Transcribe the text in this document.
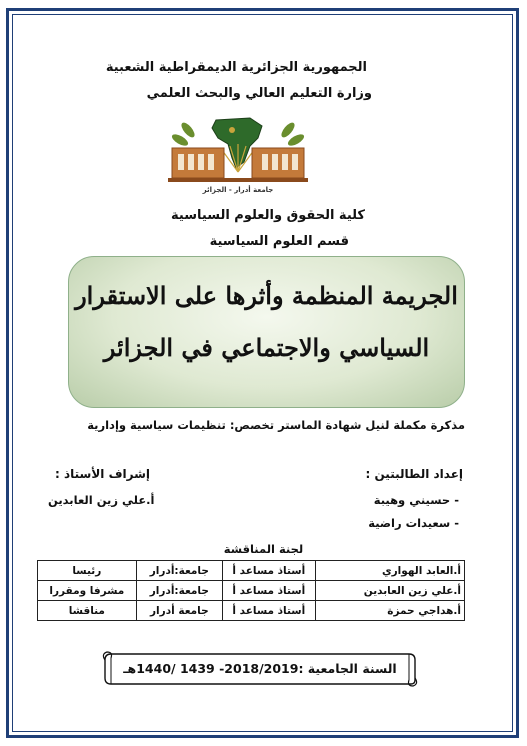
الجمهورية الجزائرية الديمقراطية الشعبية
وزارة التعليم العالي والبحث العلمي
جامعة أدرار - الجزائر
كلية الحقوق والعلوم السياسية
قسم العلوم السياسية
الجريمة المنظمة وأثرها على الاستقرار
السياسي والاجتماعي في الجزائر
مذكرة مكملة لنيل شهادة الماستر تخصص: تنظيمات سياسية وإدارية
إعداد الطالبتين :
إشراف الأستاذ :
- حسيني وهيبة
- سعيدات راضية
أ.علي زين العابدين
لجنة المناقشة
أ.العابد الهواري	أستاذ مساعد أ	جامعة:أدرار	رئيسا
أ.علي زين العابدين	أستاذ مساعد أ	جامعة:أدرار	مشرفا ومقررا
أ.هداجي حمزة	أستاذ مساعد أ	جامعة أدرار	مناقشا
السنة الجامعية :2018/2019- 1439 /1440هـ
